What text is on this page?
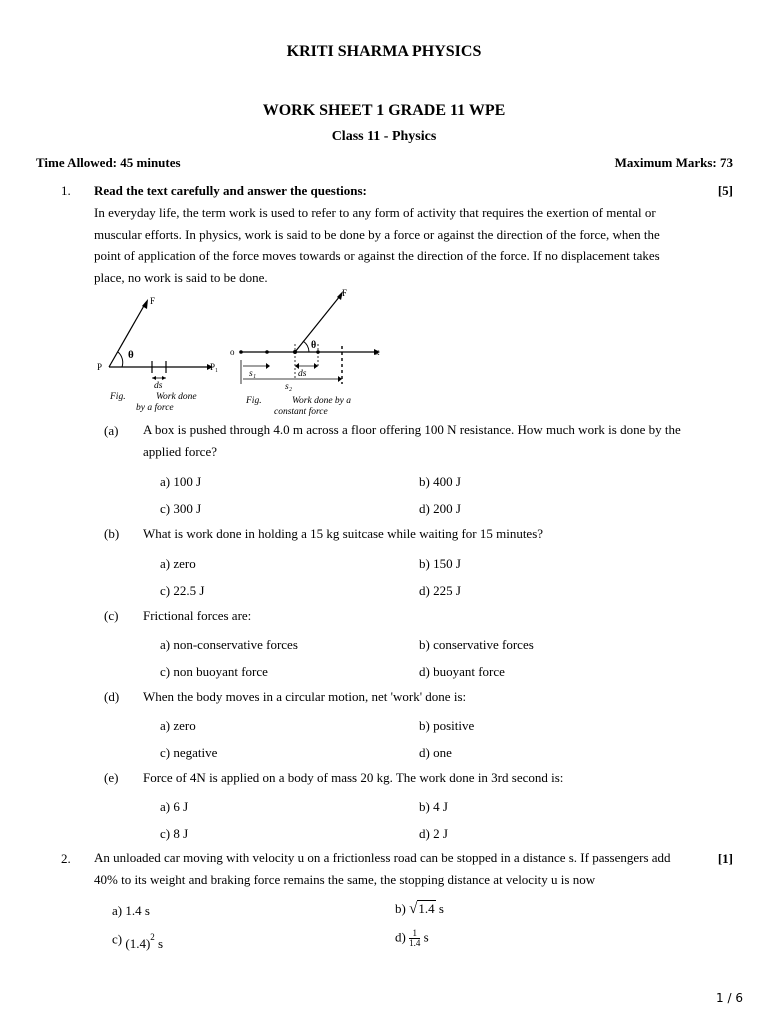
KRITI SHARMA PHYSICS
WORK SHEET 1 GRADE 11 WPE
Class 11 - Physics
Time Allowed: 45 minutes	Maximum Marks: 73
1. Read the text carefully and answer the questions:	[5]
In everyday life, the term work is used to refer to any form of activity that requires the exertion of mental or
muscular efforts. In physics, work is said to be done by a force or against the direction of the force, when the
point of application of the force moves towards or against the direction of the force. If no displacement takes
place, no work is said to be done.
F
θ
P	P₁
ds
Fig.	Work done
by a force
F
θ
o	x
s₁	ds
s₂
Fig.	Work done by a
constant force
(a) A box is pushed through 4.0 m across a floor offering 100 N resistance. How much work is done by the
applied force?
a) 100 J	b) 400 J
c) 300 J	d) 200 J
(b) What is work done in holding a 15 kg suitcase while waiting for 15 minutes?
a) zero	b) 150 J
c) 22.5 J	d) 225 J
(c) Frictional forces are:
a) non-conservative forces	b) conservative forces
c) non buoyant force	d) buoyant force
(d) When the body moves in a circular motion, net 'work' done is:
a) zero	b) positive
c) negative	d) one
(e) Force of 4N is applied on a body of mass 20 kg. The work done in 3rd second is:
a) 6 J	b) 4 J
c) 8 J	d) 2 J
2.	[1]
An unloaded car moving with velocity u on a frictionless road can be stopped in a distance s. If passengers add
40% to its weight and braking force remains the same, the stopping distance at velocity u is now
a) 1.4 s	b) √1.4 s
c) $(1.4)^2$ s	$d) \frac{1}{1.4}$ s
1 / 6
